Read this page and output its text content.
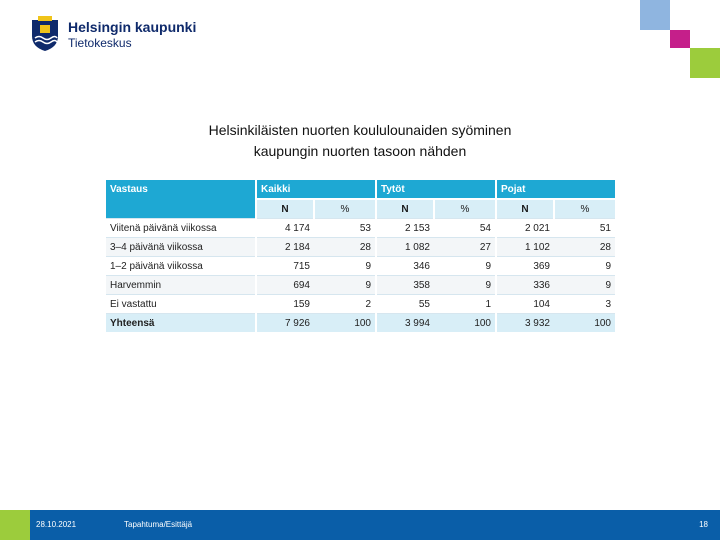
Helsingin kaupunki
Tietokeskus
Helsinkiläisten nuorten koululounaiden syöminen
kaupungin nuorten tasoon nähden
Vastaus	Kaikki		Tytöt		Pojat	
	N	%	N	%	N	%
Viitenä päivänä viikossa	4 174	53	2 153	54	2 021	51
3–4 päivänä viikossa	2 184	28	1 082	27	1 102	28
1–2 päivänä viikossa	715	9	346	9	369	9
Harvemmin	694	9	358	9	336	9
Ei vastattu	159	2	55	1	104	3
Yhteensä	7 926	100	3 994	100	3 932	100
28.10.2021	Tapahtuma/Esittäjä	18
